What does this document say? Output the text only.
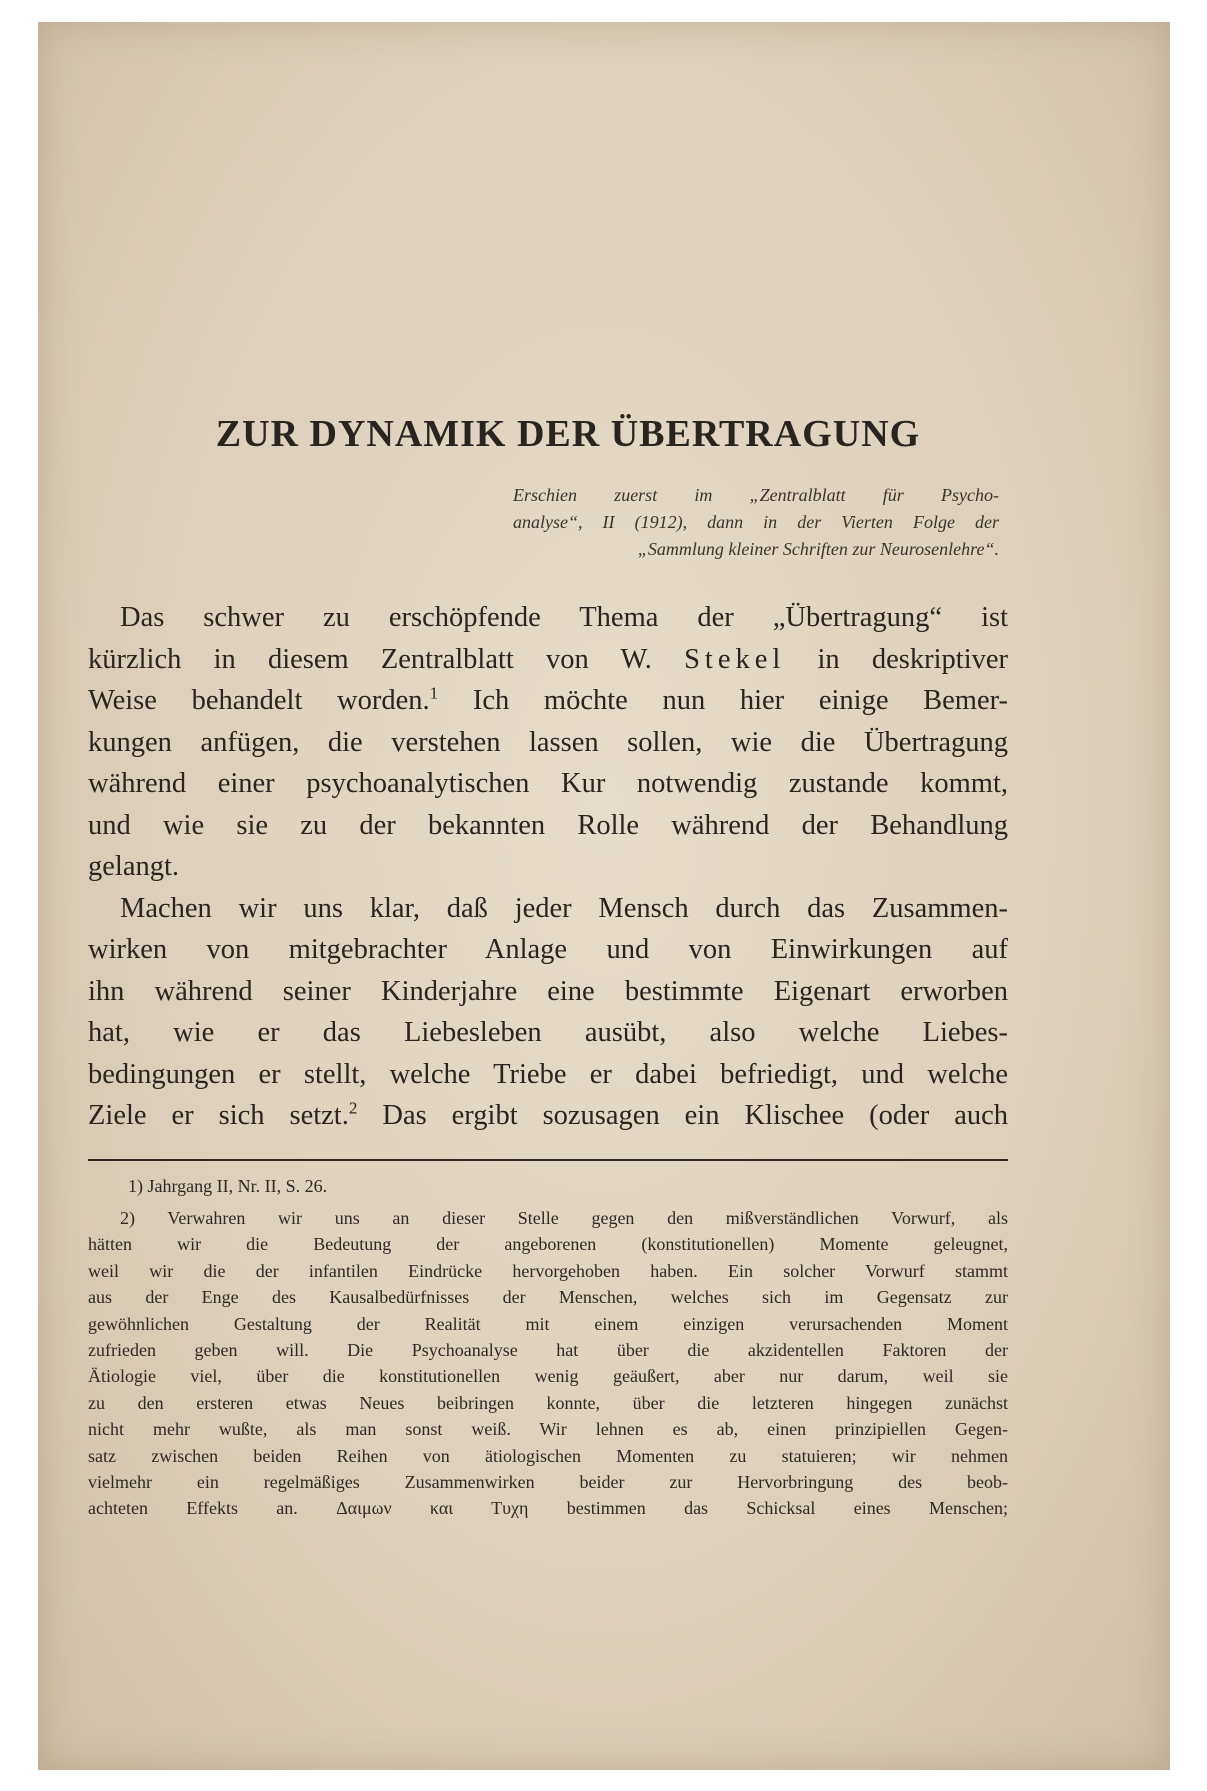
ZUR DYNAMIK DER ÜBERTRAGUNG
Erschien zuerst im „Zentralblatt für Psycho-
analyse“, II (1912), dann in der Vierten Folge der
„Sammlung kleiner Schriften zur Neurosenlehre“.
Das schwer zu erschöpfende Thema der „Übertragung“ ist
kürzlich in diesem Zentralblatt von W. Stekel in deskriptiver
Weise behandelt worden.$^1$ Ich möchte nun hier einige Bemer-
kungen anfügen, die verstehen lassen sollen, wie die Übertragung
während einer psychoanalytischen Kur notwendig zustande kommt,
und wie sie zu der bekannten Rolle während der Behandlung
gelangt.
Machen wir uns klar, daß jeder Mensch durch das Zusammen-
wirken von mitgebrachter Anlage und von Einwirkungen auf
ihn während seiner Kinderjahre eine bestimmte Eigenart erworben
hat, wie er das Liebesleben ausübt, also welche Liebes-
bedingungen er stellt, welche Triebe er dabei befriedigt, und welche
Ziele er sich setzt.$^2$ Das ergibt sozusagen ein Klischee (oder auch
1) Jahrgang II, Nr. II, S. 26.
2) Verwahren wir uns an dieser Stelle gegen den mißverständlichen Vorwurf, als
hätten wir die Bedeutung der angeborenen (konstitutionellen) Momente geleugnet,
weil wir die der infantilen Eindrücke hervorgehoben haben. Ein solcher Vorwurf stammt
aus der Enge des Kausalbedürfnisses der Menschen, welches sich im Gegensatz zur
gewöhnlichen Gestaltung der Realität mit einem einzigen verursachenden Moment
zufrieden geben will. Die Psychoanalyse hat über die akzidentellen Faktoren der
Ätiologie viel, über die konstitutionellen wenig geäußert, aber nur darum, weil sie
zu den ersteren etwas Neues beibringen konnte, über die letzteren hingegen zunächst
nicht mehr wußte, als man sonst weiß. Wir lehnen es ab, einen prinzipiellen Gegen-
satz zwischen beiden Reihen von ätiologischen Momenten zu statuieren; wir nehmen
vielmehr ein regelmäßiges Zusammenwirken beider zur Hervorbringung des beob-
achteten Effekts an. Δαιμων και Τυχη bestimmen das Schicksal eines Menschen;
